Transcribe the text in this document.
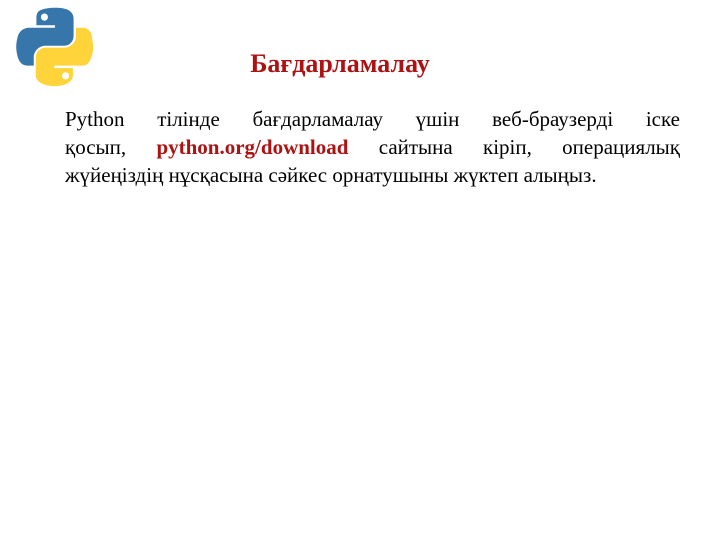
Бағдарламалау
Python тілінде бағдарламалау үшін веб-браузерді іске
қосып, python.org/download сайтына кіріп, операциялық
жүйеңіздің нұсқасына сәйкес орнатушыны жүктеп алыңыз.
